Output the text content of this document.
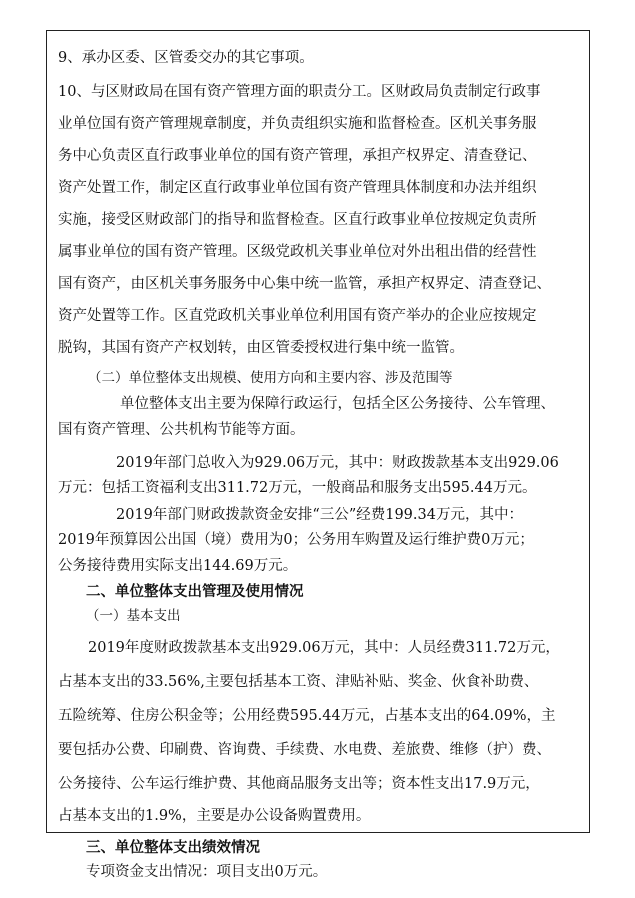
9、承办区委、区管委交办的其它事项。
10、与区财政局在国有资产管理方面的职责分工。区财政局负责制定行政事
业单位国有资产管理规章制度，并负责组织实施和监督检查。区机关事务服
务中心负责区直行政事业单位的国有资产管理，承担产权界定、清查登记、
资产处置工作，制定区直行政事业单位国有资产管理具体制度和办法并组织
实施，接受区财政部门的指导和监督检查。区直行政事业单位按规定负责所
属事业单位的国有资产管理。区级党政机关事业单位对外出租出借的经营性
国有资产，由区机关事务服务中心集中统一监管，承担产权界定、清查登记、
资产处置等工作。区直党政机关事业单位利用国有资产举办的企业应按规定
脱钩，其国有资产产权划转，由区管委授权进行集中统一监管。
（二）单位整体支出规模、使用方向和主要内容、涉及范围等
单位整体支出主要为保障行政运行，包括全区公务接待、公车管理、
国有资产管理、公共机构节能等方面。
2019年部门总收入为929.06万元，其中：财政拨款基本支出929.06
万元：包括工资福利支出311.72万元，一般商品和服务支出595.44万元。
2019年部门财政拨款资金安排“三公”经费199.34万元，其中：
2019年预算因公出国（境）费用为0；公务用车购置及运行维护费0万元；
公务接待费用实际支出144.69万元。
二、单位整体支出管理及使用情况
（一）基本支出
2019年度财政拨款基本支出929.06万元，其中：人员经费311.72万元，
占基本支出的33.56%,主要包括基本工资、津贴补贴、奖金、伙食补助费、
五险统筹、住房公积金等；公用经费595.44万元，占基本支出的64.09%，主
要包括办公费、印刷费、咨询费、手续费、水电费、差旅费、维修（护）费、
公务接待、公车运行维护费、其他商品服务支出等；资本性支出17.9万元，
占基本支出的1.9%，主要是办公设备购置费用。
三、单位整体支出绩效情况
专项资金支出情况：项目支出0万元。
